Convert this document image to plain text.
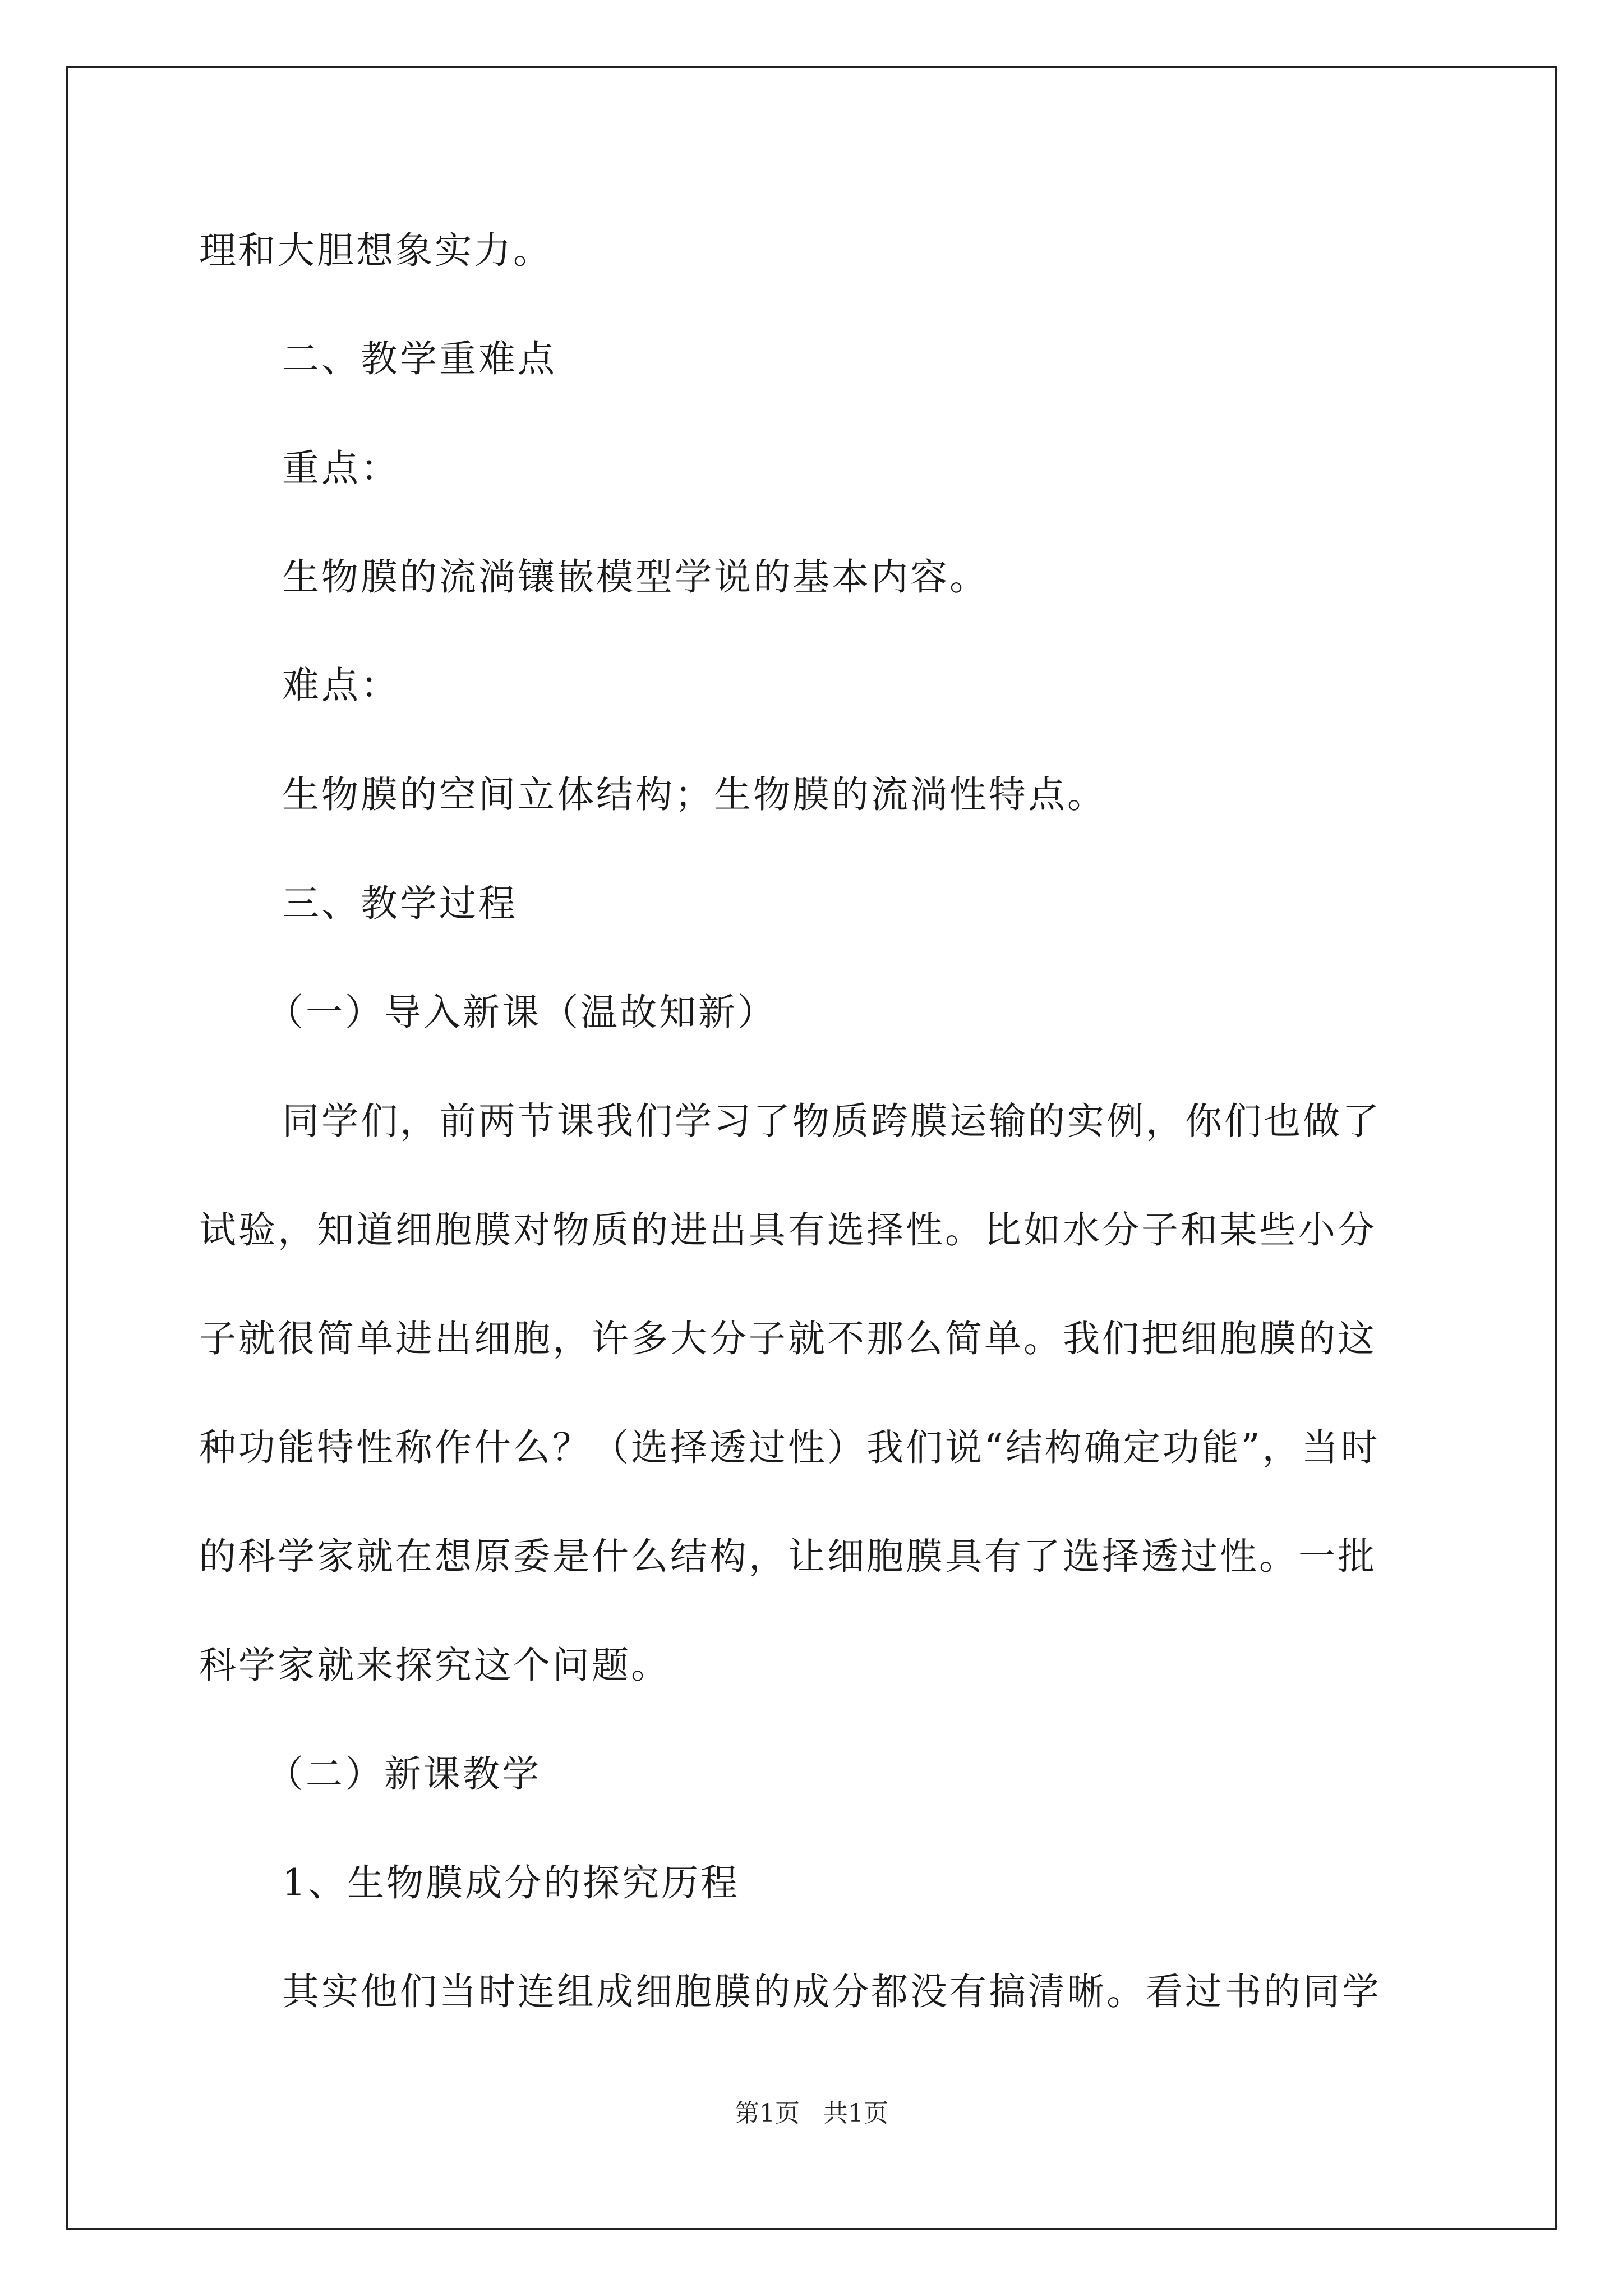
理和大胆想象实力。
二、教学重难点
重点：
生物膜的流淌镶嵌模型学说的基本内容。
难点：
生物膜的空间立体结构；生物膜的流淌性特点。
三、教学过程
（一）导入新课（温故知新）
同学们，前两节课我们学习了物质跨膜运输的实例，你们也做了
试验，知道细胞膜对物质的进出具有选择性。比如水分子和某些小分
子就很简单进出细胞，许多大分子就不那么简单。我们把细胞膜的这
种功能特性称作什么？（选择透过性）我们说“结构确定功能”，当时
的科学家就在想原委是什么结构，让细胞膜具有了选择透过性。一批
科学家就来探究这个问题。
（二）新课教学
1、生物膜成分的探究历程
其实他们当时连组成细胞膜的成分都没有搞清晰。看过书的同学
第1页 共1页
